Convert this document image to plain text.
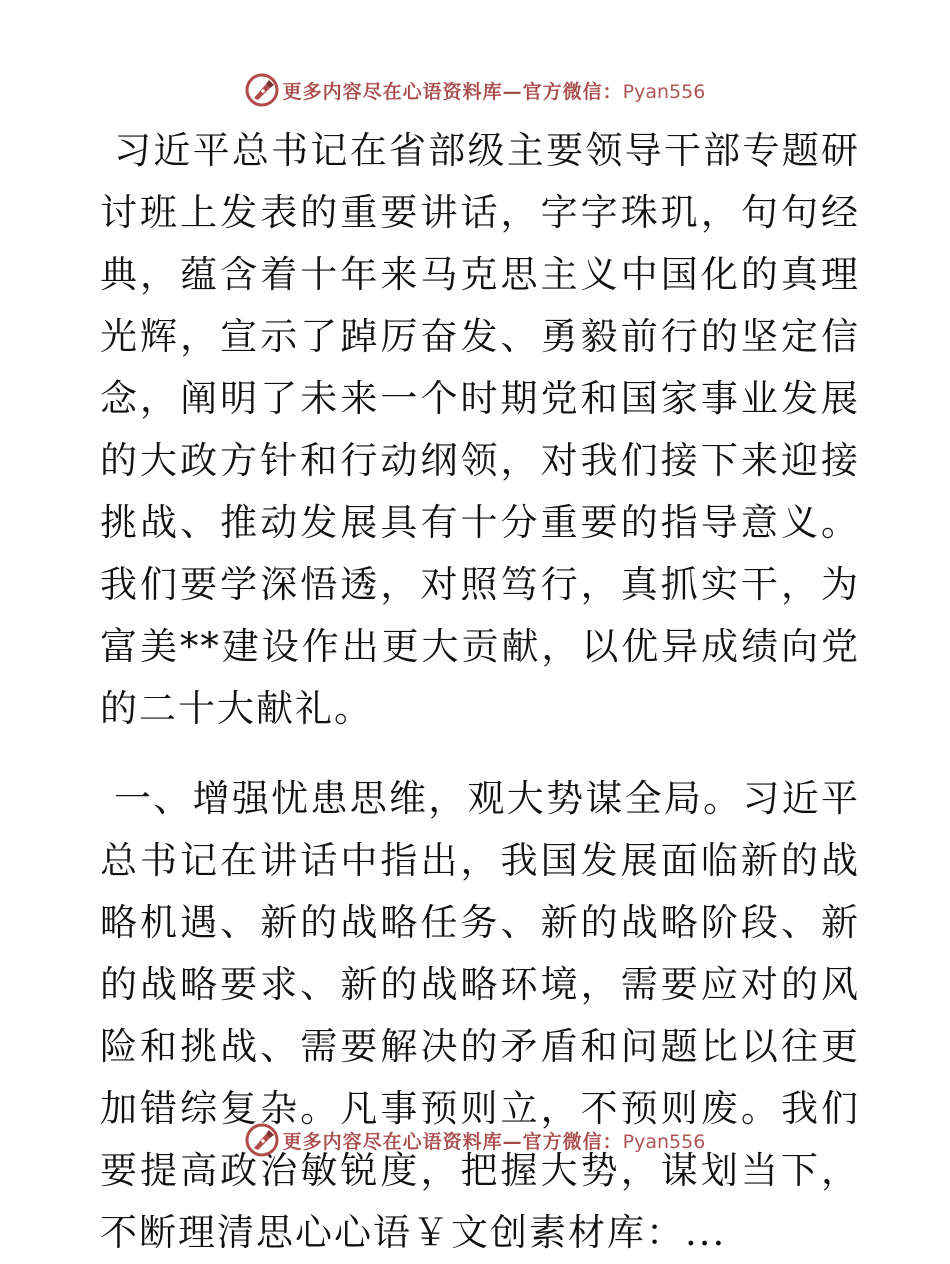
更多内容尽在心语资料库—官方微信：Pyan556

习近平总书记在省部级主要领导干部专题研讨班上发表的重要讲话，字字珠玑，句句经典，蕴含着十年来马克思主义中国化的真理光辉，宣示了踔厉奋发、勇毅前行的坚定信念，阐明了未来一个时期党和国家事业发展的大政方针和行动纲领，对我们接下来迎接挑战、推动发展具有十分重要的指导意义。我们要学深悟透，对照笃行，真抓实干，为富美**建设作出更大贡献，以优异成绩向党的二十大献礼。

一、增强忧患思维，观大势谋全局。习近平总书记在讲话中指出，我国发展面临新的战略机遇、新的战略任务、新的战略阶段、新的战略要求、新的战略环境，需要应对的风险和挑战、需要解决的矛盾和问题比以往更加错综复杂。凡事预则立，不预则废。我们要提高政治敏锐度，把握大势，谋划当下，不断理清思心心语￥文创素材库：...

更多内容尽在心语资料库—官方微信：Pyan556
